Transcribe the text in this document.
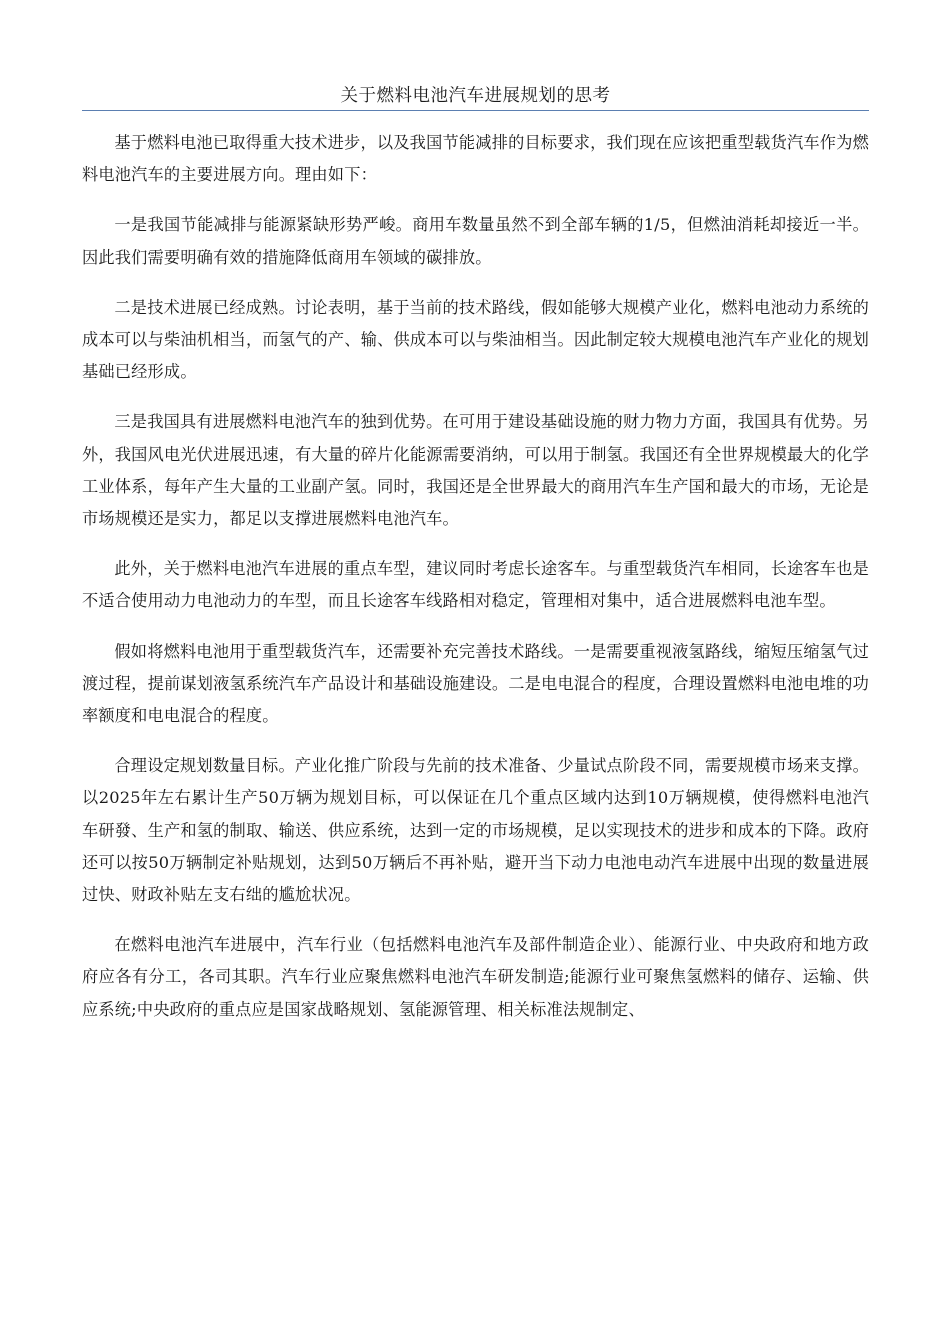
关于燃料电池汽车进展规划的思考

基于燃料电池已取得重大技术进步，以及我国节能减排的目标要求，我们现在应该把重型载货汽车作为燃料电池汽车的主要进展方向。理由如下：

一是我国节能减排与能源紧缺形势严峻。商用车数量虽然不到全部车辆的1/5，但燃油消耗却接近一半。因此我们需要明确有效的措施降低商用车领域的碳排放。

二是技术进展已经成熟。讨论表明，基于当前的技术路线，假如能够大规模产业化，燃料电池动力系统的成本可以与柴油机相当，而氢气的产、输、供成本可以与柴油相当。因此制定较大规模电池汽车产业化的规划基础已经形成。

三是我国具有进展燃料电池汽车的独到优势。在可用于建设基础设施的财力物力方面，我国具有优势。另外，我国风电光伏进展迅速，有大量的碎片化能源需要消纳，可以用于制氢。我国还有全世界规模最大的化学工业体系，每年产生大量的工业副产氢。同时，我国还是全世界最大的商用汽车生产国和最大的市场，无论是市场规模还是实力，都足以支撑进展燃料电池汽车。

此外，关于燃料电池汽车进展的重点车型，建议同时考虑长途客车。与重型载货汽车相同，长途客车也是不适合使用动力电池动力的车型，而且长途客车线路相对稳定，管理相对集中，适合进展燃料电池车型。

假如将燃料电池用于重型载货汽车，还需要补充完善技术路线。一是需要重视液氢路线，缩短压缩氢气过渡过程，提前谋划液氢系统汽车产品设计和基础设施建设。二是电电混合的程度，合理设置燃料电池电堆的功率额度和电电混合的程度。

合理设定规划数量目标。产业化推广阶段与先前的技术准备、少量试点阶段不同，需要规模市场来支撑。以2025年左右累计生产50万辆为规划目标，可以保证在几个重点区域内达到10万辆规模，使得燃料电池汽车研發、生产和氢的制取、输送、供应系统，达到一定的市场规模，足以实现技术的进步和成本的下降。政府还可以按50万辆制定补贴规划，达到50万辆后不再补贴，避开当下动力电池电动汽车进展中出现的数量进展过快、财政补贴左支右绌的尴尬状况。

在燃料电池汽车进展中，汽车行业（包括燃料电池汽车及部件制造企业）、能源行业、中央政府和地方政府应各有分工，各司其职。汽车行业应聚焦燃料电池汽车研发制造;能源行业可聚焦氢燃料的储存、运输、供应系统;中央政府的重点应是国家战略规划、氢能源管理、相关标准法规制定、
